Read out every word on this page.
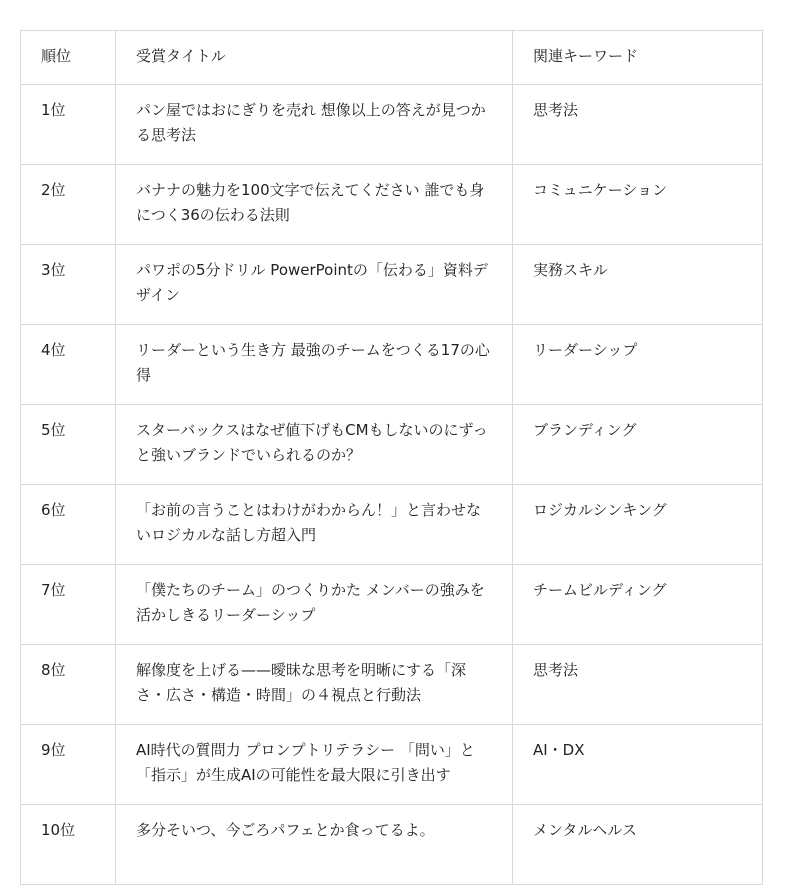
順位	受賞タイトル	関連キーワード
1位	パン屋ではおにぎりを売れ 想像以上の答えが見つかる思考法	思考法
2位	バナナの魅力を100文字で伝えてください 誰でも身につく36の伝わる法則	コミュニケーション
3位	パワポの5分ドリル PowerPointの「伝わる」資料デザイン	実務スキル
4位	リーダーという生き方 最強のチームをつくる17の心得	リーダーシップ
5位	スターバックスはなぜ値下げもCMもしないのにずっと強いブランドでいられるのか？	ブランディング
6位	「お前の言うことはわけがわからん！」と言わせないロジカルな話し方超入門	ロジカルシンキング
7位	「僕たちのチーム」のつくりかた メンバーの強みを活かしきるリーダーシップ	チームビルディング
8位	解像度を上げる——曖昧な思考を明晰にする「深さ・広さ・構造・時間」の４視点と行動法	思考法
9位	AI時代の質問力 プロンプトリテラシー 「問い」と「指示」が生成AIの可能性を最大限に引き出す	AI・DX
10位	多分そいつ、今ごろパフェとか食ってるよ。	メンタルヘルス
